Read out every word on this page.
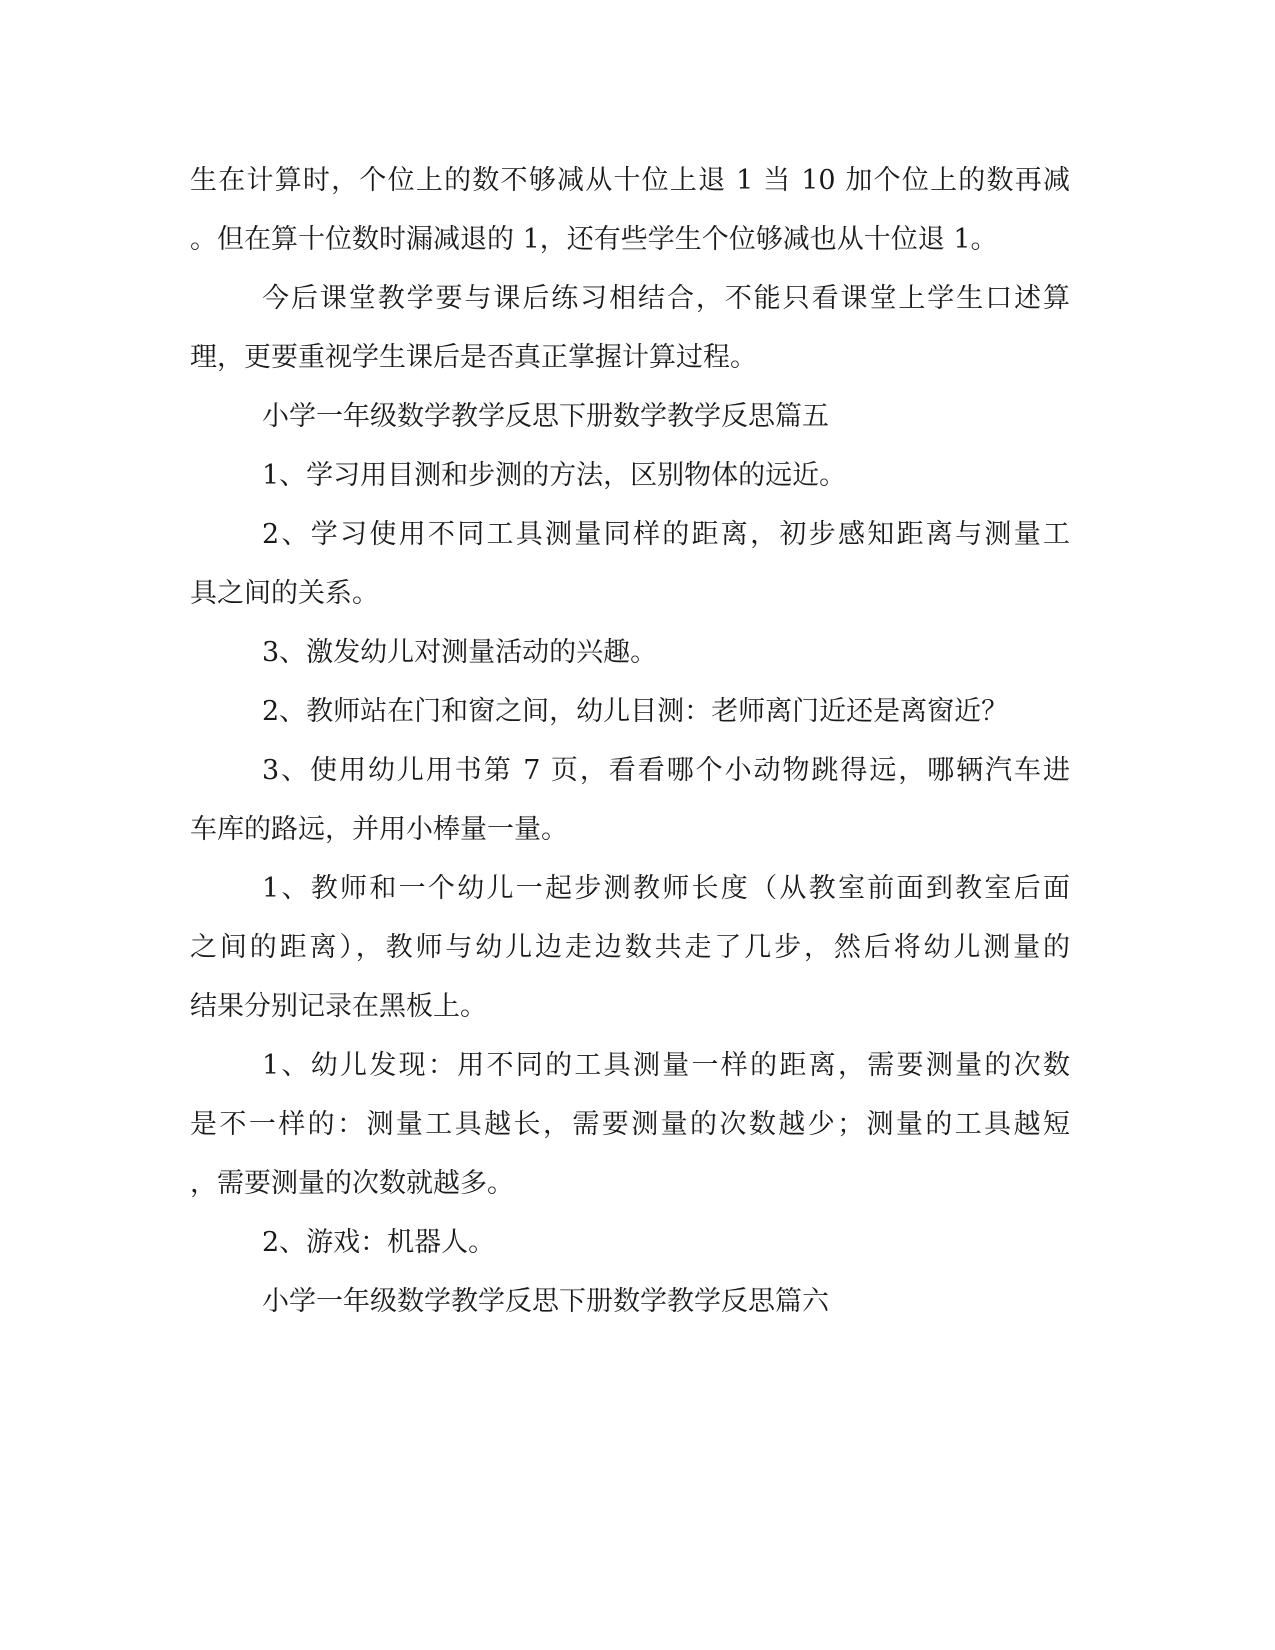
生在计算时，个位上的数不够减从十位上退 1 当 10 加个位上的数再减

。但在算十位数时漏减退的 1，还有些学生个位够减也从十位退 1。

今后课堂教学要与课后练习相结合，不能只看课堂上学生口述算

理，更要重视学生课后是否真正掌握计算过程。

小学一年级数学教学反思下册数学教学反思篇五

1、学习用目测和步测的方法，区别物体的远近。

2、学习使用不同工具测量同样的距离，初步感知距离与测量工

具之间的关系。

3、激发幼儿对测量活动的兴趣。

2、教师站在门和窗之间，幼儿目测：老师离门近还是离窗近？

3、使用幼儿用书第 7 页，看看哪个小动物跳得远，哪辆汽车进

车库的路远，并用小棒量一量。

1、教师和一个幼儿一起步测教师长度（从教室前面到教室后面

之间的距离），教师与幼儿边走边数共走了几步，然后将幼儿测量的

结果分别记录在黑板上。

1、幼儿发现：用不同的工具测量一样的距离，需要测量的次数

是不一样的：测量工具越长，需要测量的次数越少；测量的工具越短

，需要测量的次数就越多。

2、游戏：机器人。

小学一年级数学教学反思下册数学教学反思篇六
